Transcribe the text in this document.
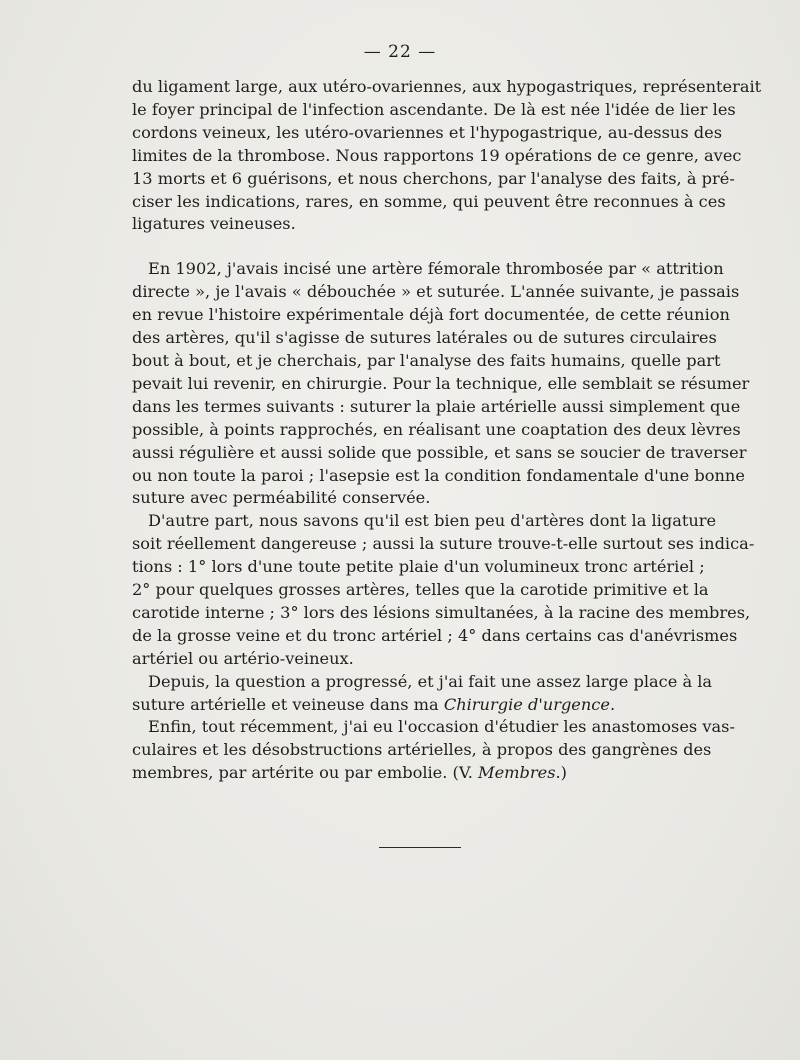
— 22 —

du ligament large, aux utéro-ovariennes, aux hypogastriques, représenterait
le foyer principal de l'infection ascendante. De là est née l'idée de lier les
cordons veineux, les utéro-ovariennes et l'hypogastrique, au-dessus des
limites de la thrombose. Nous rapportons 19 opérations de ce genre, avec
13 morts et 6 guérisons, et nous cherchons, par l'analyse des faits, à pré-
ciser les indications, rares, en somme, qui peuvent être reconnues à ces
ligatures veineuses.

En 1902, j'avais incisé une artère fémorale thrombosée par « attrition
directe », je l'avais « débouchée » et suturée. L'année suivante, je passais
en revue l'histoire expérimentale déjà fort documentée, de cette réunion
des artères, qu'il s'agisse de sutures latérales ou de sutures circulaires
bout à bout, et je cherchais, par l'analyse des faits humains, quelle part
pevait lui revenir, en chirurgie. Pour la technique, elle semblait se résumer
dans les termes suivants : suturer la plaie artérielle aussi simplement que
possible, à points rapprochés, en réalisant une coaptation des deux lèvres
aussi régulière et aussi solide que possible, et sans se soucier de traverser
ou non toute la paroi ; l'asepsie est la condition fondamentale d'une bonne
suture avec perméabilité conservée.

D'autre part, nous savons qu'il est bien peu d'artères dont la ligature
soit réellement dangereuse ; aussi la suture trouve-t-elle surtout ses indica-
tions : 1° lors d'une toute petite plaie d'un volumineux tronc artériel ;
2° pour quelques grosses artères, telles que la carotide primitive et la
carotide interne ; 3° lors des lésions simultanées, à la racine des membres,
de la grosse veine et du tronc artériel ; 4° dans certains cas d'anévrismes
artériel ou artério-veineux.

Depuis, la question a progressé, et j'ai fait une assez large place à la
suture artérielle et veineuse dans ma Chirurgie d'urgence.

Enfin, tout récemment, j'ai eu l'occasion d'étudier les anastomoses vas-
culaires et les désobstructions artérielles, à propos des gangrènes des
membres, par artérite ou par embolie. (V. Membres.)
